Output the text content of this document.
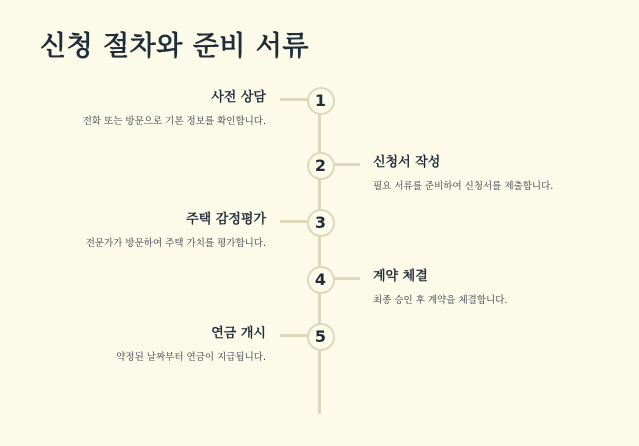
신청 절차와 준비 서류
1
사전 상담
전화 또는 방문으로 기본 정보를 확인합니다.
2	신청서 작성
필요 서류를 준비하여 신청서를 제출합니다.
3
주택 감정평가
전문가가 방문하여 주택 가치를 평가합니다.
4	계약 체결
최종 승인 후 계약을 체결합니다.
5
연금 개시
약정된 날짜부터 연금이 지급됩니다.
